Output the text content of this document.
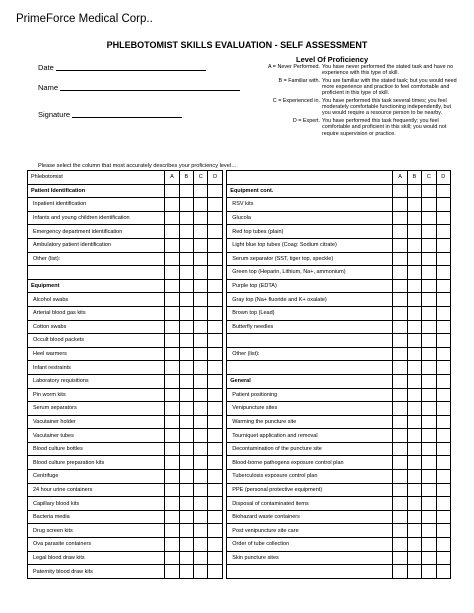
PrimeForce Medical Corp..
PHLEBOTOMIST SKILLS EVALUATION - SELF ASSESSMENT
Level Of Proficiency
Date
Name
Signature
A = Never Performed. You have never performed the stated task and have no experience with this type of skill.
B = Familiar with. You are familiar with the stated task; but you would need more experience and practice to feel comfortable and proficient in this type of skill.
C = Experienced in. You have performed this task several times; you feel moderately comfortable functioning independently, but you would require a resource person to be nearby.
D = Expert. You have performed this task frequently; you feel comfortable and proficient in this skill; you would not require supervision or practice.
Please select the column that most accurately describes your proficiency level…
Phlebotomist	A	B	C	D			A	B	C	D
Patient Identification						Equipment cont.				
Inpatient identification						RSV kits				
Infants and young children identification						Glucola				
Emergency department identification						Red top tubes (plain)				
Ambulatory patient identification						Light blue top tubes (Coag: Sodium citrate)				
Other (list):						Serum separator (SST, tiger top, speckle)				
						Green top (Heparin, Lithium, Na+, ammonium)				
Equipment						Purple top (EDTA)				
Alcohol swabs						Gray top (Na+ fluoride and K+ oxalate)				
Arterial blood gas kits						Brown top (Lead)				
Cotton swabs						Butterfly needles				
Occult blood packets										
Heel warmers						Other (list):				
Infant restraints										
Laboratory requisitions						General				
Pin worm kits						Patient positioning				
Serum separators						Venipuncture sites				
Vacutainer holder						Warming the puncture site				
Vacutainer tubes						Tourniquet application and removal				
Blood culture bottles						Decontamination of the puncture site				
Blood culture preparation kits						Blood-borne pathogens exposure control plan				
Centrifuge						Tuberculosis exposure control plan				
24 hour urine containers						PPE (personal protective equipment)				
Capillary blood kits						Disposal of contaminated items				
Bacteria media						Biohazard waste containers				
Drug screen kits						Post venipuncture site care				
Ova parasite containers						Order of tube collection				
Legal blood draw kits						Skin puncture sites				
Paternity blood draw kits										
